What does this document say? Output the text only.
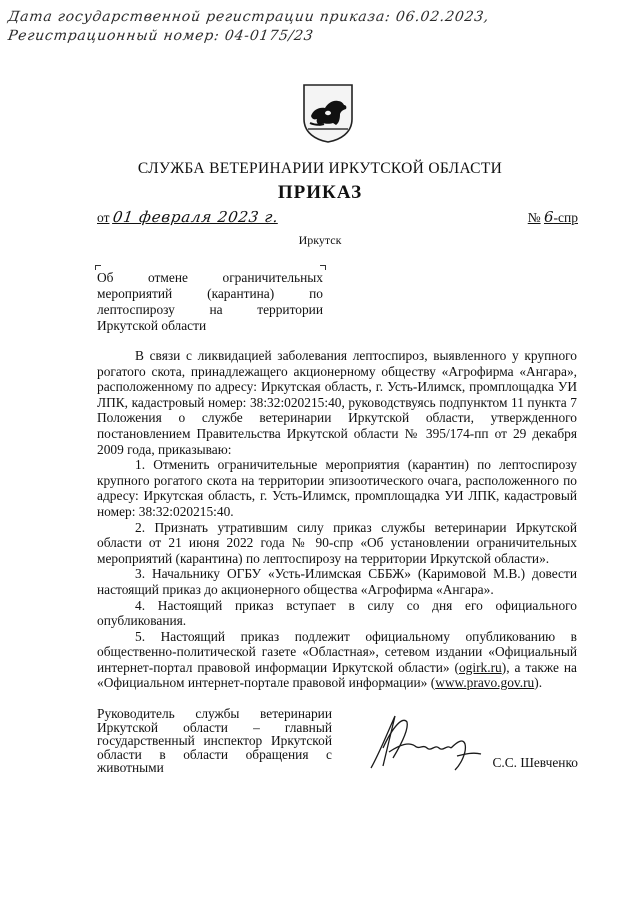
Дата государственной регистрации приказа: 06.02.2023,
Регистрационный номер: 04-0175/23
СЛУЖБА ВЕТЕРИНАРИИ ИРКУТСКОЙ ОБЛАСТИ
ПРИКАЗ
от 01 февраля 2023 г.	№ 6-спр
Иркутск
Об отмене ограничительных мероприятий (карантина) по лептоспирозу на территории Иркутской области

В связи с ликвидацией заболевания лептоспироз, выявленного у крупного рогатого скота, принадлежащего акционерному обществу «Агрофирма «Ангара», расположенному по адресу: Иркутская область, г. Усть-Илимск, промплощадка УИ ЛПК, кадастровый номер: 38:32:020215:40, руководствуясь подпунктом 11 пункта 7 Положения о службе ветеринарии Иркутской области, утвержденного постановлением Правительства Иркутской области № 395/174-пп от 29 декабря 2009 года, приказываю:

1. Отменить ограничительные мероприятия (карантин) по лептоспирозу крупного рогатого скота на территории эпизоотического очага, расположенного по адресу: Иркутская область, г. Усть-Илимск, промплощадка УИ ЛПК, кадастровый номер: 38:32:020215:40.

2. Признать утратившим силу приказ службы ветеринарии Иркутской области от 21 июня 2022 года № 90-спр «Об установлении ограничительных мероприятий (карантина) по лептоспирозу на территории Иркутской области».

3. Начальнику ОГБУ «Усть-Илимская СББЖ» (Каримовой М.В.) довести настоящий приказ до акционерного общества «Агрофирма «Ангара».

4. Настоящий приказ вступает в силу со дня его официального опубликования.

5. Настоящий приказ подлежит официальному опубликованию в общественно-политической газете «Областная», сетевом издании «Официальный интернет-портал правовой информации Иркутской области» (ogirk.ru), а также на «Официальном интернет-портале правовой информации» (www.pravo.gov.ru).

Руководитель службы ветеринарии Иркутской области – главный государственный инспектор Иркутской области в области обращения с животными	С.С. Шевченко
